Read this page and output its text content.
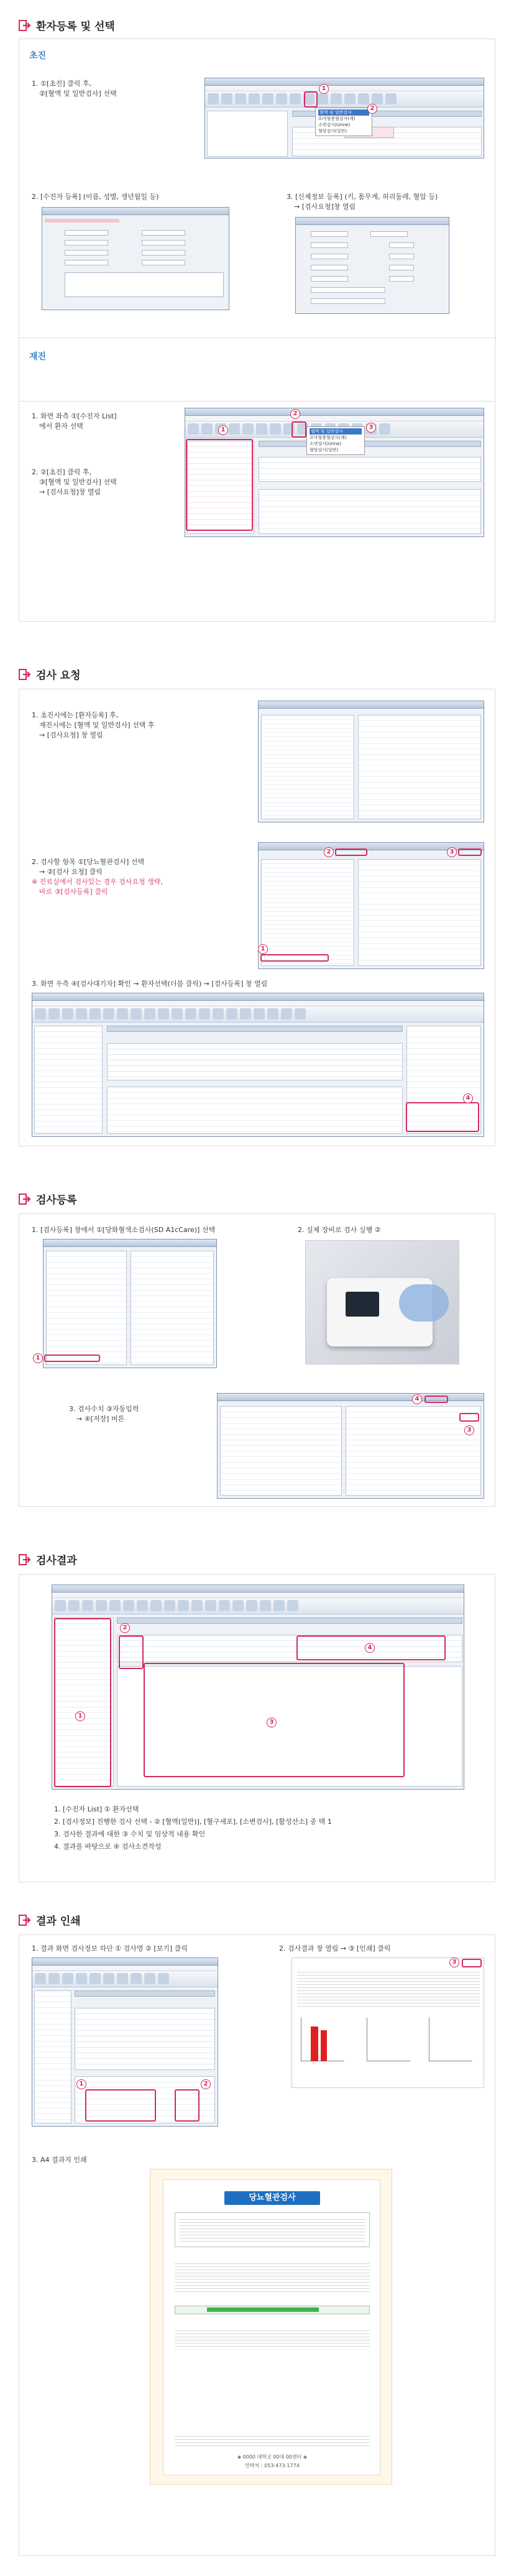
환자등록 및 선택
초진
1. ①[초진] 클릭 후,
②[혈액 및 일반검사] 선택
1
혈액 및 일반검사
요마혈충혈검사(계)
소변검사(Urine)
혈당검사(일반)
2
2. [수진자 등록] (이름, 성별, 생년월일 등)	3. [신체정보 등록] (키, 몸무게, 허리둘레, 혈압 등)
→ [검사요청]창 열림
재진
1. 화면 좌측 ①[수진자 List]
에서 환자 선택
2. ②[초진] 클릭 후,
③[혈액 및 일반검사] 선택
→ [검사요청]창 열림
1
2
혈액 및 일반검사
요마혈충혈검사(계)
소변검사(Urine)
혈당검사(일반)
3
검사 요청
1. 초진시에는 [환자등록] 후,
재진시에는 [혈액 및 일반검사] 선택 후
→ [검사요청] 창 열림
2. 검사할 항목 ①[당뇨혈관검사] 선택
→ ②[검사 요청] 클릭
※ 진료실에서 검사있는 경우 검사요청 생략,
바로 ③[검사등록] 클릭
1
2	3
3. 화면 우측 ④[검사대기자] 확인 → 환자선택(더블 클릭) → [검사등록] 창 열림
4
검사등록
1. [검사등록] 창에서 ①[당화혈색소검사(SD A1cCare)] 선택
1
2. 실제 장비로 검사 실행 ②
3. 검사수치 ③자동입력
→ ④[저장] 버튼
4
3
검사결과
1
2
3
4
1. [수진자 List] ① 환자선택
2. [검사정보] 진행한 검사 선택 - ② [혈액(일반)], [혈구세포], [소변검사], [활성산소] 중 택 1
3. 검사한 결과에 대한 ③ 수치 및 임상적 내용 확인
4. 결과를 바탕으로 ④ 검사소견작성
결과 인쇄
1. 결과 화면 검사정보 하단 ① 검사명 ② [보기] 클릭
1	2
2. 검사결과 창 열림 → ③ [인쇄] 클릭
3
3. A4 결과지 인쇄
당뇨혈관검사
◈ 0000 대학교 00대 00센터 ◈
연락처 : 053-473-1774
